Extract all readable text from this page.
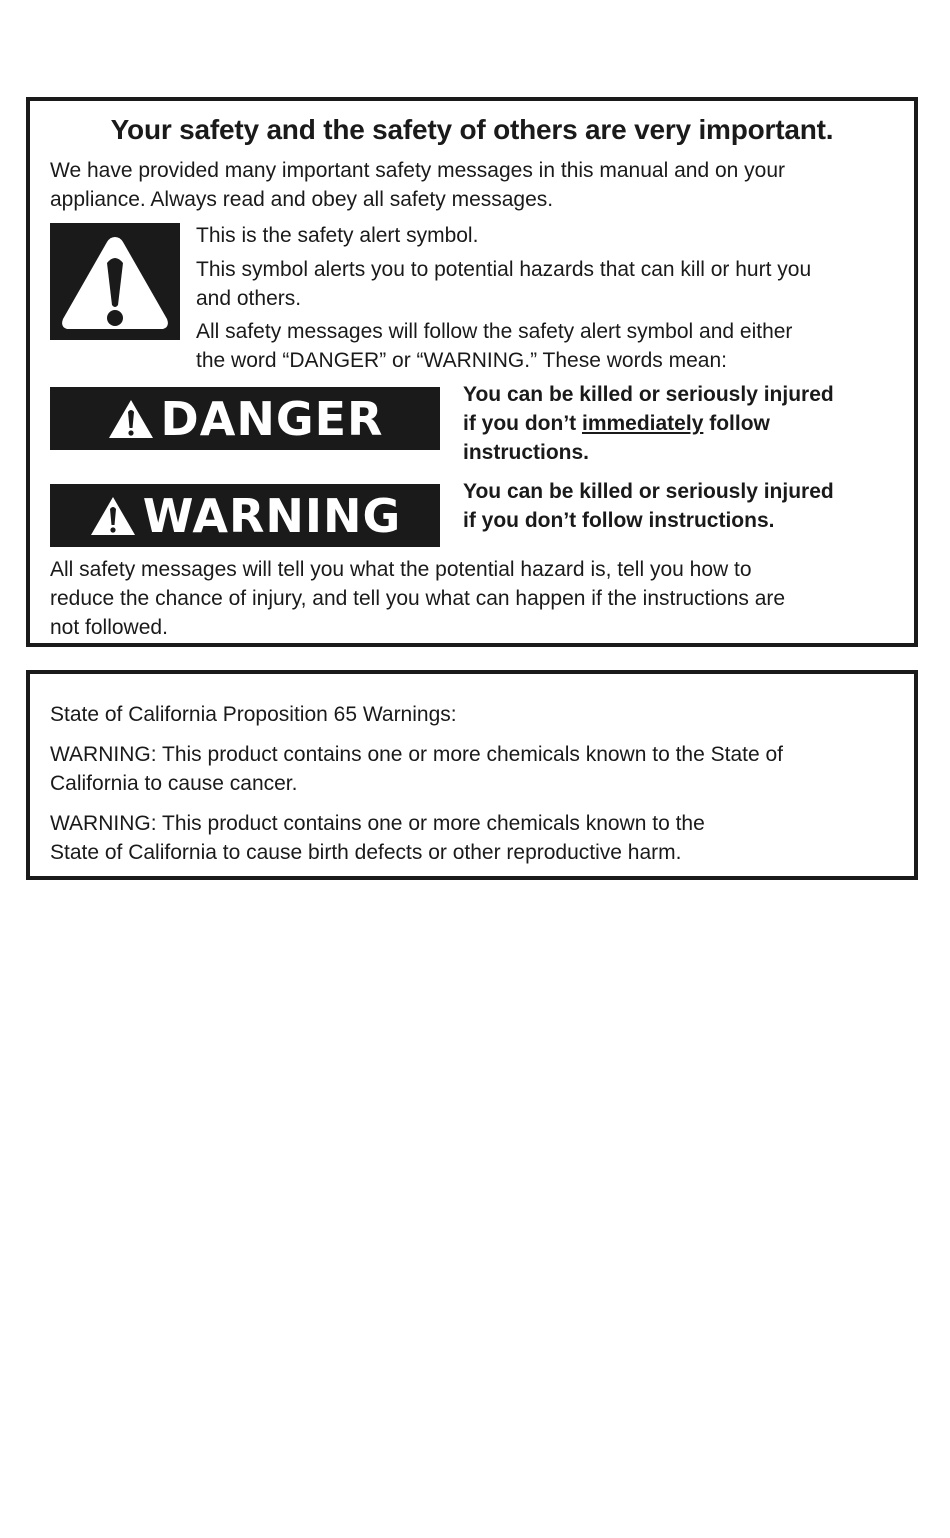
Your safety and the safety of others are very important.

We have provided many important safety messages in this manual and on your
appliance. Always read and obey all safety messages.

This is the safety alert symbol.

This symbol alerts you to potential hazards that can kill or hurt you
and others.

All safety messages will follow the safety alert symbol and either
the word “DANGER” or “WARNING.” These words mean:

DANGER	You can be killed or seriously injured
if you don’t immediately follow
instructions.

WARNING	You can be killed or seriously injured
if you don’t follow instructions.

All safety messages will tell you what the potential hazard is, tell you how to
reduce the chance of injury, and tell you what can happen if the instructions are
not followed.

State of California Proposition 65 Warnings:

WARNING: This product contains one or more chemicals known to the State of
California to cause cancer.

WARNING: This product contains one or more chemicals known to the
State of California to cause birth defects or other reproductive harm.
